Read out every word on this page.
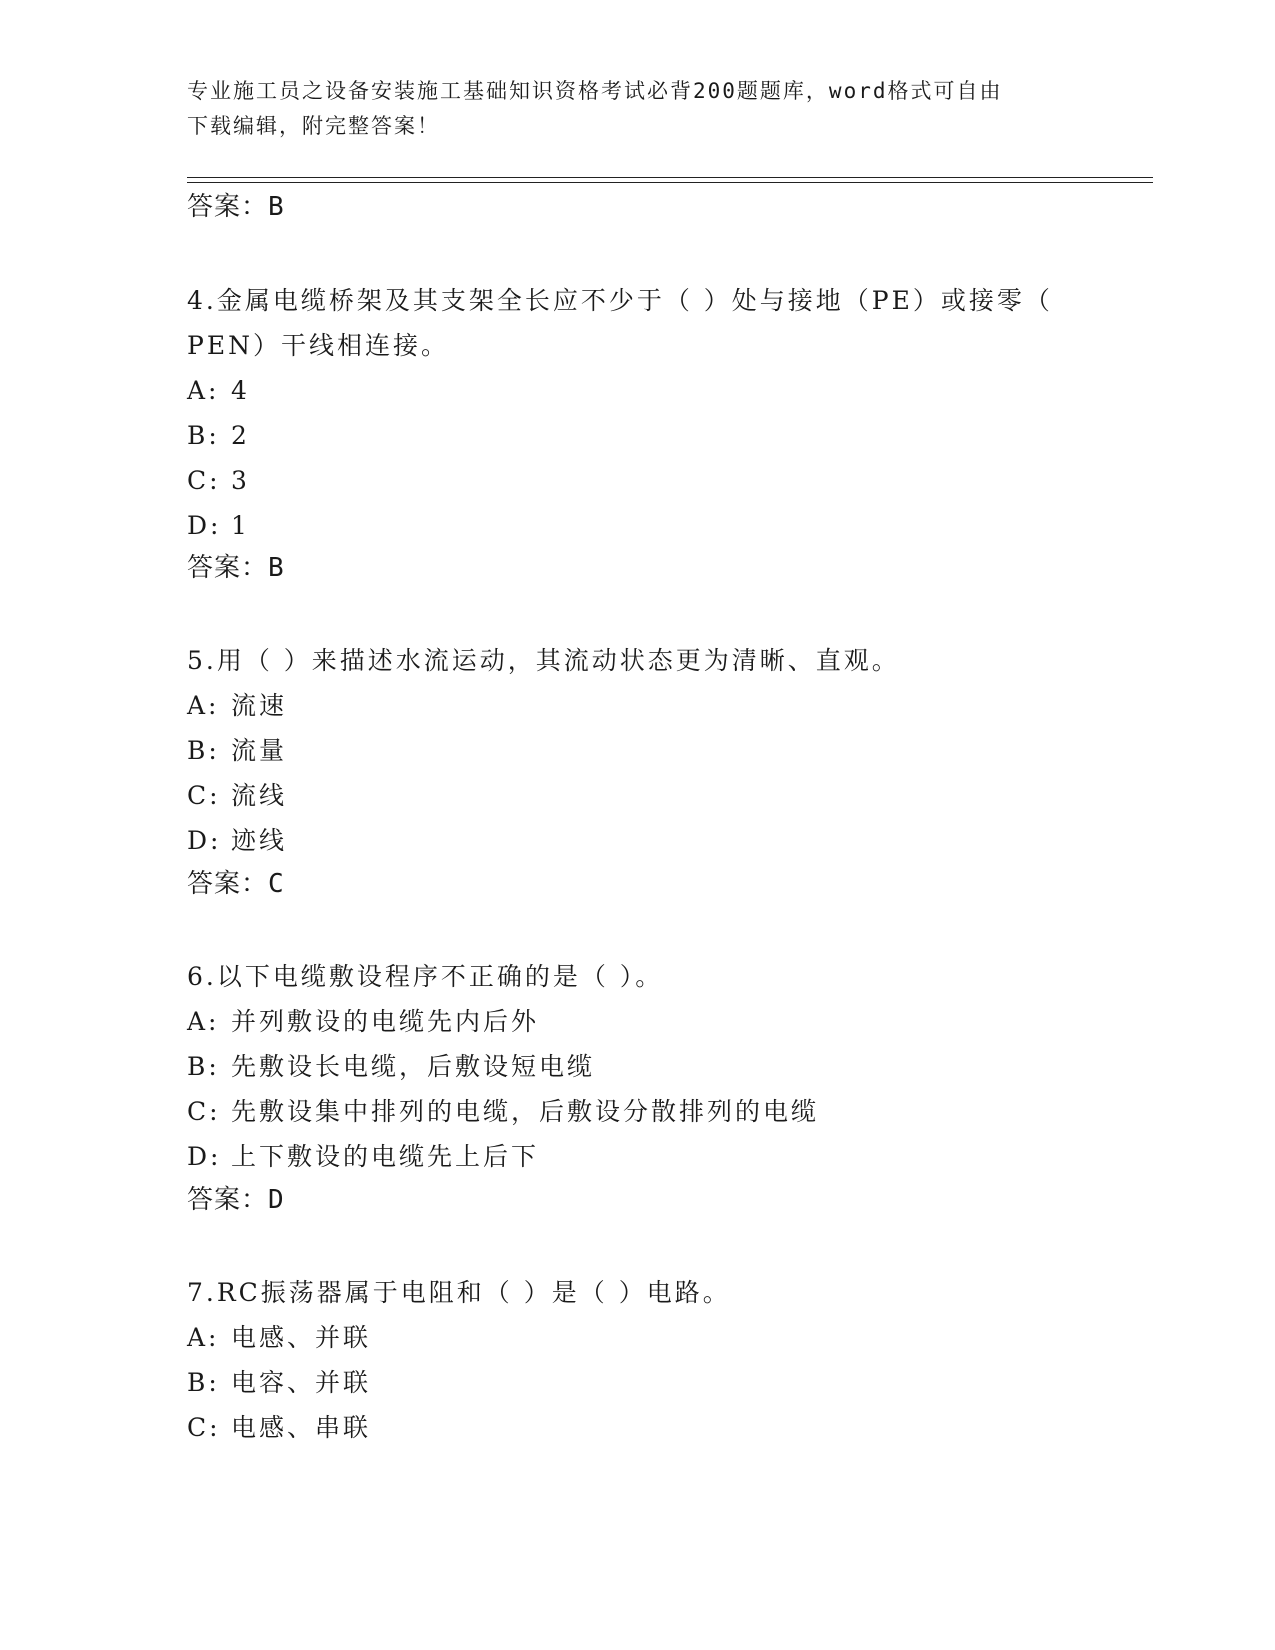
专业施工员之设备安装施工基础知识资格考试必背200题题库，word格式可自由
下载编辑，附完整答案！
答案：B
4.金属电缆桥架及其支架全长应不少于（ ）处与接地（PE）或接零（
PEN）干线相连接。
A: 4
B: 2
C: 3
D: 1
答案：B
5.用（ ）来描述水流运动，其流动状态更为清晰、直观。
A: 流速
B: 流量
C: 流线
D: 迹线
答案：C
6.以下电缆敷设程序不正确的是（ ）。
A: 并列敷设的电缆先内后外
B: 先敷设长电缆，后敷设短电缆
C: 先敷设集中排列的电缆，后敷设分散排列的电缆
D: 上下敷设的电缆先上后下
答案：D
7.RC振荡器属于电阻和（ ）是（ ）电路。
A: 电感、并联
B: 电容、并联
C: 电感、串联
